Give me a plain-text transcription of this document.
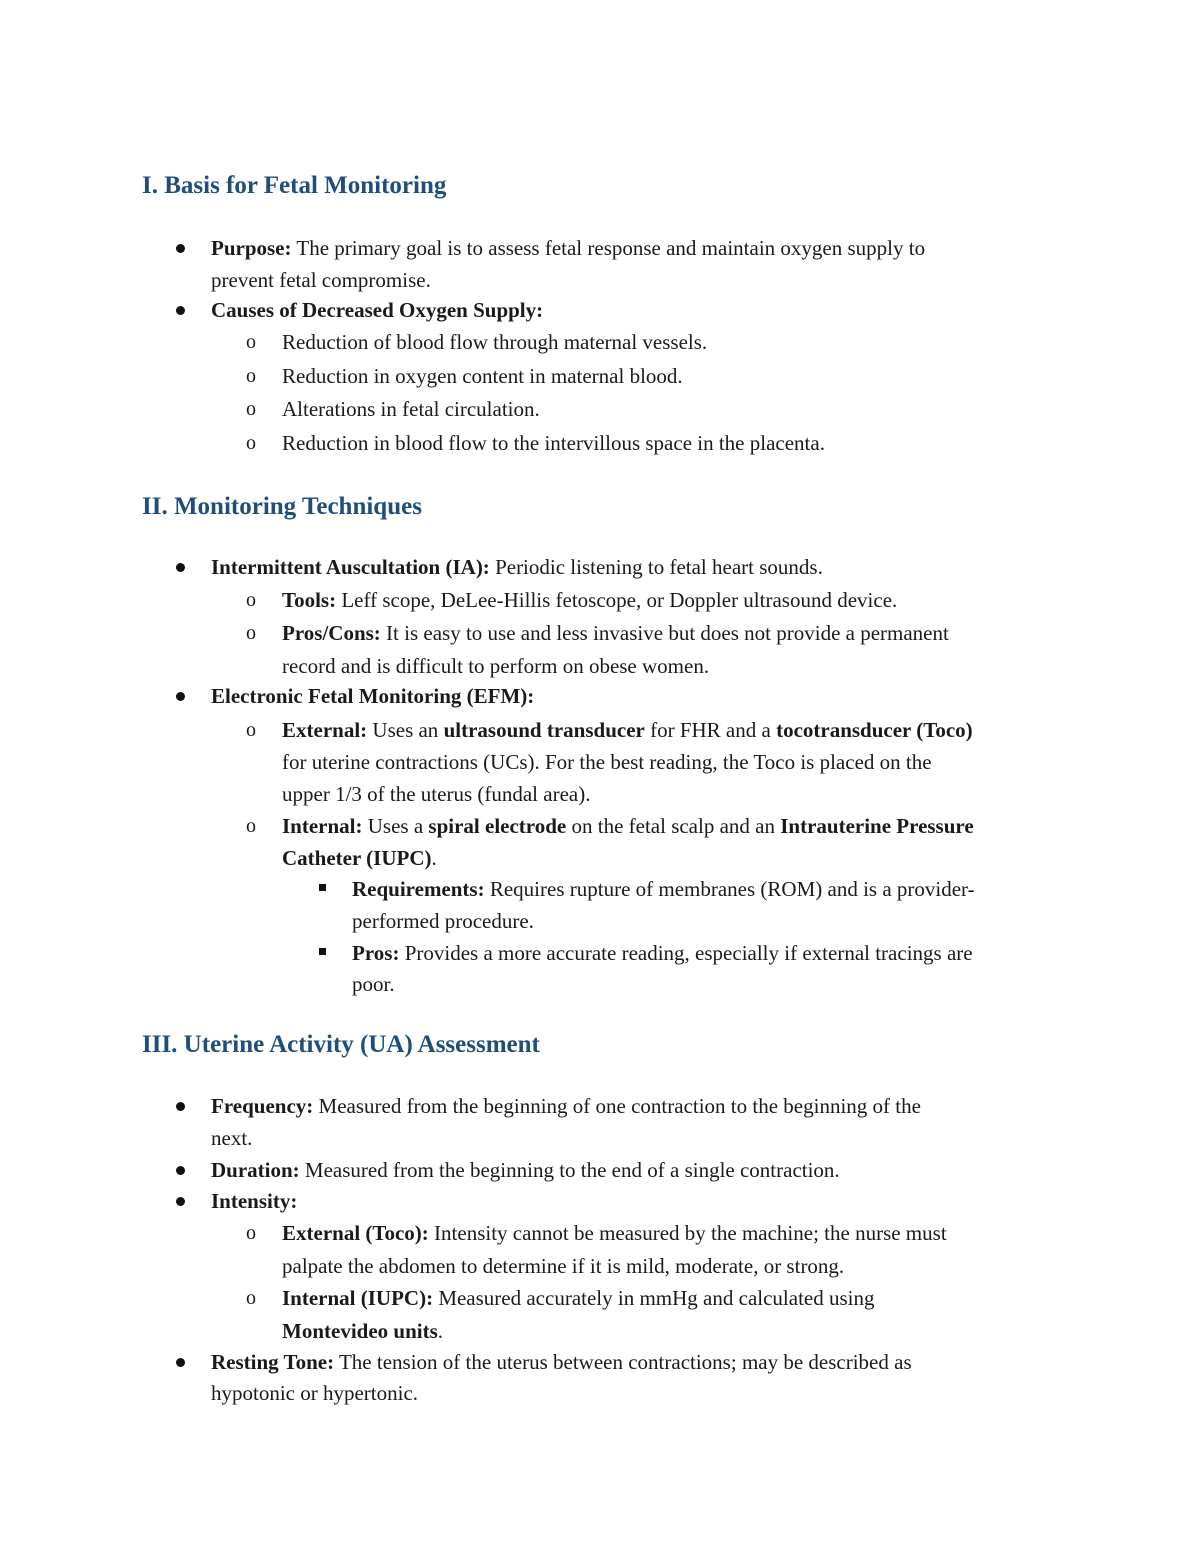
I. Basis for Fetal Monitoring
Purpose: The primary goal is to assess fetal response and maintain oxygen supply to
prevent fetal compromise.
Causes of Decreased Oxygen Supply:
o Reduction of blood flow through maternal vessels.
o Reduction in oxygen content in maternal blood.
o Alterations in fetal circulation.
o Reduction in blood flow to the intervillous space in the placenta.
II. Monitoring Techniques
Intermittent Auscultation (IA): Periodic listening to fetal heart sounds.
o Tools: Leff scope, DeLee-Hillis fetoscope, or Doppler ultrasound device.
o Pros/Cons: It is easy to use and less invasive but does not provide a permanent
record and is difficult to perform on obese women.
Electronic Fetal Monitoring (EFM):
o External: Uses an ultrasound transducer for FHR and a tocotransducer (Toco)
for uterine contractions (UCs). For the best reading, the Toco is placed on the
upper 1/3 of the uterus (fundal area).
o Internal: Uses a spiral electrode on the fetal scalp and an Intrauterine Pressure
Catheter (IUPC).
Requirements: Requires rupture of membranes (ROM) and is a provider-
performed procedure.
Pros: Provides a more accurate reading, especially if external tracings are
poor.
III. Uterine Activity (UA) Assessment
Frequency: Measured from the beginning of one contraction to the beginning of the
next.
Duration: Measured from the beginning to the end of a single contraction.
Intensity:
o External (Toco): Intensity cannot be measured by the machine; the nurse must
palpate the abdomen to determine if it is mild, moderate, or strong.
o Internal (IUPC): Measured accurately in mmHg and calculated using
Montevideo units.
Resting Tone: The tension of the uterus between contractions; may be described as
hypotonic or hypertonic.
